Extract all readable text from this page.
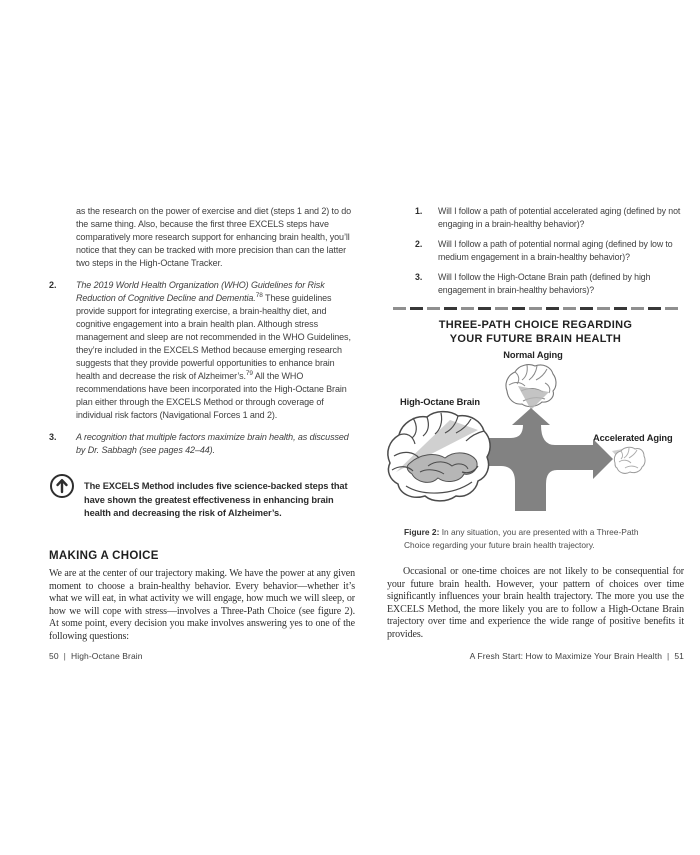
as the research on the power of exercise and diet (steps 1 and 2) to do the same thing. Also, because the first three EXCELS steps have comparatively more research support for enhancing brain health, you’ll notice that they can be tracked with more precision than can the latter two steps in the High-Octane Tracker.

2.	The 2019 World Health Organization (WHO) Guidelines for Risk Reduction of Cognitive Decline and Dementia.$^{78}$ These guidelines provide support for integrating exercise, a brain-healthy diet, and cognitive engagement into a brain health plan. Although stress management and sleep are not recommended in the WHO Guidelines, they’re included in the EXCELS Method because emerging research suggests that they provide powerful opportunities to enhance brain health and decrease the risk of Alzheimer’s.$^{79}$ All the WHO recommendations have been incorporated into the High-Octane Brain plan either through the EXCELS Method or through coverage of individual risk factors (Navigational Forces 1 and 2).

3.	A recognition that multiple factors maximize brain health, as discussed by Dr. Sabbagh (see pages 42–44).

The EXCELS Method includes five science-backed steps that have shown the greatest effectiveness in enhancing brain health and decreasing the risk of Alzheimer’s.

MAKING A CHOICE

We are at the center of our trajectory making. We have the power at any given moment to choose a brain-healthy behavior. Every behavior—whether it’s what we will eat, in what activity we will engage, how much we will sleep, or how we will cope with stress—involves a Three-Path Choice (see figure 2). At some point, every decision you make involves answering yes to one of the following questions:

1.	Will I follow a path of potential accelerated aging (defined by not engaging in a brain-healthy behavior)?
2.	Will I follow a path of potential normal aging (defined by low to medium engagement in a brain-healthy behavior)?
3.	Will I follow the High-Octane Brain path (defined by high engagement in brain-healthy behaviors)?

THREE-PATH CHOICE REGARDING

YOUR FUTURE BRAIN HEALTH

Normal Aging
High-Octane Brain
Accelerated Aging

Figure 2: In any situation, you are presented with a Three-Path Choice regarding your future brain health trajectory.

Occasional or one-time choices are not likely to be consequential for your future brain health. However, your pattern of choices over time significantly influences your brain health trajectory. The more you use the EXCELS Method, the more likely you are to follow a High-Octane Brain trajectory over time and experience the wide range of positive benefits it provides.

50 | High-Octane Brain	A Fresh Start: How to Maximize Your Brain Health | 51
